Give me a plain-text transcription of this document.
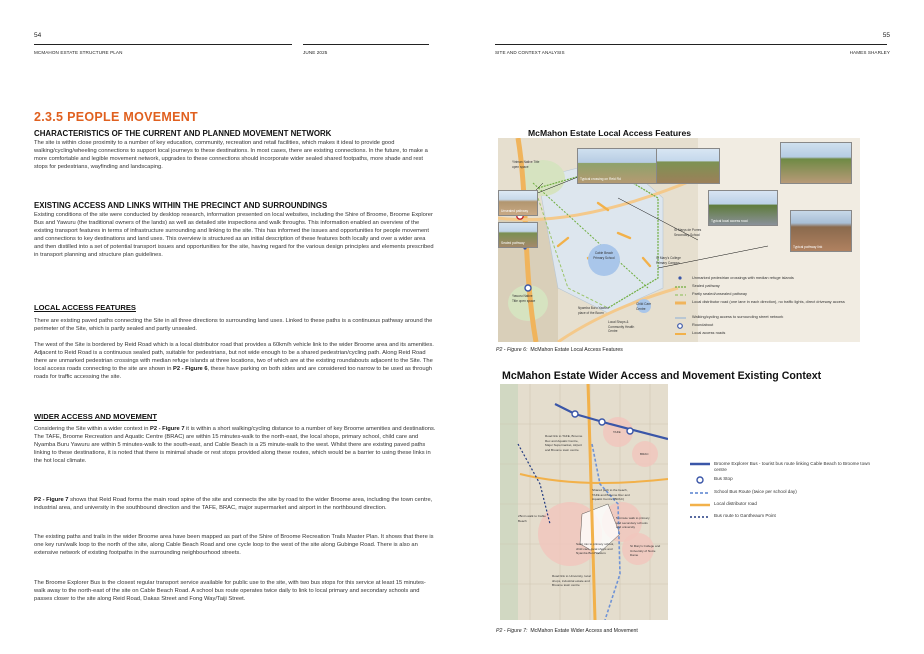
54
MCMAHON ESTATE STRUCTURE PLAN	JUNE 2025
2.3.5 PEOPLE MOVEMENT
CHARACTERISTICS OF THE CURRENT AND PLANNED MOVEMENT NETWORK
The site is within close proximity to a number of key education, community, recreation and retail facilities, which makes it ideal to provide good walking/cycling/wheeling connections to support local journeys to these destinations. In most cases, there are existing connections. In the future, to make a more comfortable and legible movement network, upgrades to these connections should incorporate wider sealed shared footpaths, more shade and rest stops for pedestrians, wayfinding and landscaping.
EXISTING ACCESS AND LINKS WITHIN THE PRECINCT AND SURROUNDINGS
Existing conditions of the site were conducted by desktop research, information presented on local websites, including the Shire of Broome, Broome Explorer Bus and Yawuru (the traditional owners of the lands) as well as detailed site inspections and walk throughs. This information enabled an overview of the existing transport features in terms of infrastructure surrounding and linking to the site. This has informed the issues and opportunities for people movement and connections to key destinations and land uses. This overview is structured as an initial description of these features both locally and over a wider area and then distilled into a set of potential transport issues and opportunities for the site, having regard for the various design principles and elements prescribed in transport planning and structure plan guidelines.
LOCAL ACCESS FEATURES
There are existing paved paths connecting the Site in all three directions to surrounding land uses. Linked to these paths is a continuous pathway around the perimeter of the Site, which is partly sealed and partly unsealed.
The west of the Site is bordered by Reid Road which is a local distributor road that provides a 60km/h vehicle link to the wider Broome area and its amenities. Adjacent to Reid Road is a continuous sealed path, suitable for pedestrians, but not wide enough to be a shared pedestrian/cycling path. Along Reid Road there are unmarked pedestrian crossings with median refuge islands at three locations, two of which are at the existing roundabouts adjacent to the Site. The local access roads connecting to the site are shown in P2 - Figure 6, these have parking on both sides and are considered too narrow to be used as through roads for traffic accessing the site.
WIDER ACCESS AND MOVEMENT
Considering the Site within a wider context in P2 - Figure 7 it is within a short walking/cycling distance to a number of key Broome amenities and destinations. The TAFE, Broome Recreation and Aquatic Centre (BRAC) are within 15 minutes-walk to the north-east, the local shops, primary school, child care and Nyamba Buru Yawuru are within 5 minutes-walk to the south-east, and Cable Beach is a 25 minute-walk to the west. Whilst there are existing paved paths linking to these destinations, it is noted that there is minimal shade or rest stops provided along these routes, which would be a barrier to using these links in the hot local climate.
P2 - Figure 7 shows that Reid Road forms the main road spine of the site and connects the site by road to the wider Broome area, including the town centre, industrial area, and university in the southbound direction and the TAFE, BRAC, major supermarket and airport in the northbound direction.
The existing paths and trails in the wider Broome area have been mapped as part of the Shire of Broome Recreation Trails Master Plan. It shows that there is one key run/walk loop to the north of the site, along Cable Beach Road and one cycle loop to the west of the site along Gubinge Road. There is also an extensive network of existing footpaths in the surrounding neighbourhood streets.
The Broome Explorer Bus is the closest regular transport service available for public use to the site, with two bus stops for this service at least 15 minutes-walk away to the north-east of the site on Cable Beach Road. A school bus route operates twice daily to link to local primary and secondary schools and passes closer to the site along Reid Road, Dakas Street and Fong Way/Taiji Street.
55
SITE AND CONTEXT ANALYSIS	HAMES SHARLEY
McMahon Estate Local Access Features
Typical crossing on Reid Rd
Typical local access road
Unsealed pathway
Sealed pathway
Typical pathway link
Yiriman Native Title open space
Cable Beach Primary School	St Mary's College Primary Campus
St Marys de Porres Secondary School
Nyamba Buru Yawuru place of the Boorn
Child Care Centre
Local Shops & Community Health Centre
Yawuru Native Title open space
Unmarked pedestrian crossings with median refuge islands
Sealed pathway
Partly sealed/unsealed pathway
Local distributor road (one lane in each direction), no traffic lights, direct driveway access
Walking/cycling access to surrounding street network
Roundabout
Local access roads
P2 - Figure 6: McMahon Estate Local Access Features
McMahon Estate Wider Access and Movement Existing Context
Road link to TAFE, Broome Rec and Aquatic Centre, Major Supermarket, Airport and Broome town centre
Road link to University, local shops, industrial estate and Broome town centre
Shared path to the beach, TAFE and Broome Rec and Aquatic Centre (BRAC)
25min walk to Cable Beach
5 minute walk to primary and secondary schools and university
Saint mix to primary school, child care, local shops and Nyamba Buru Yawuru
TAFE
BRAC
St Mary's College and University of Notre Dame
Broome Explorer Bus - tourist bus route linking Cable Beach to Broome town centre
Bus Stop
School Bus Route (twice per school day)
Local distributor road
Bus route to Gantheaum Point
P2 - Figure 7: McMahon Estate Wider Access and Movement
